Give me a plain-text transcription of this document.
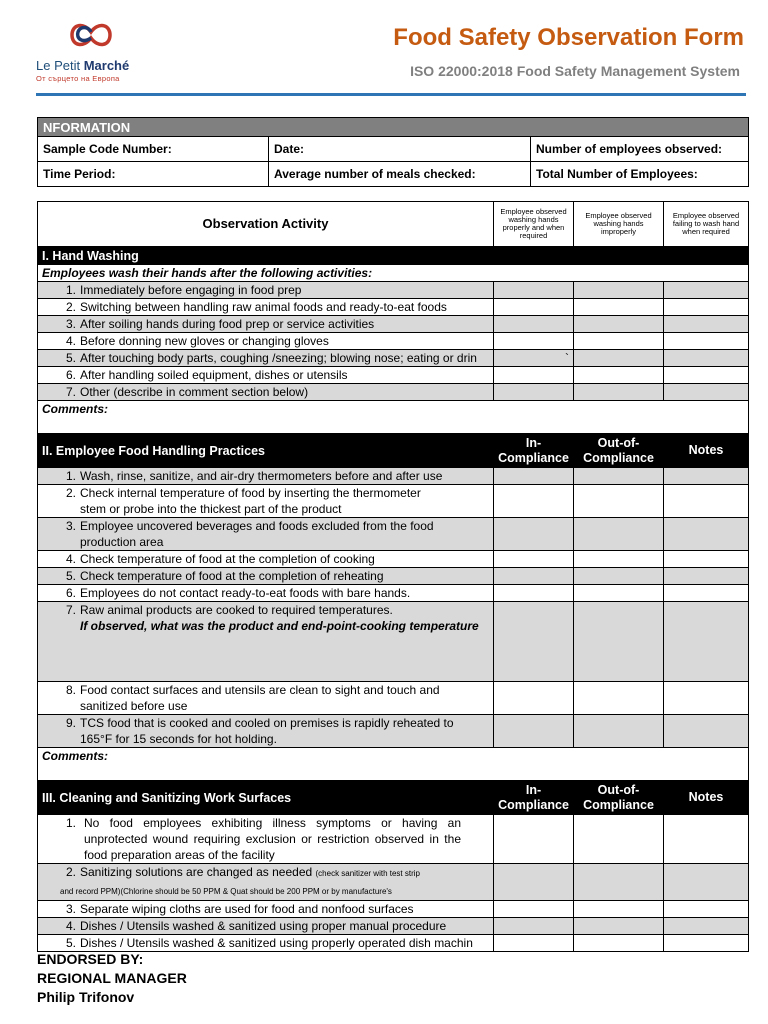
Le Petit Marché
От сърцето на Европа
Food Safety Observation Form
ISO 22000:2018 Food Safety Management System
NFORMATION		
Sample Code Number:	Date:	Number of employees observed:
Time Period:	Average number of meals checked:	Total Number of Employees:
Observation Activity	Employee observed washing hands properly and when required	Employee observed washing hands improperly	Employee observed failing to wash hand when required
I. Hand Washing			
Employees wash their hands after the following activities:			
1. Immediately before engaging in food prep			
2. Switching between handling raw animal foods and ready-to-eat foods			
3. After soiling hands during food prep or service activities			
4. Before donning new gloves or changing gloves			
5. After touching body parts, coughing /sneezing; blowing nose; eating or drin	`		
6. After handling soiled equipment, dishes or utensils			
7. Other (describe in comment section below)			
Comments:			
II. Employee Food Handling Practices	In-Compliance	Out-of-Compliance	Notes
1. Wash, rinse, sanitize, and air-dry thermometers before and after use			
2. Check internal temperature of food by inserting the thermometer
stem or probe into the thickest part of the product			
3. Employee uncovered beverages and foods excluded from the food
production area			
4. Check temperature of food at the completion of cooking			
5. Check temperature of food at the completion of reheating			
6. Employees do not contact ready-to-eat foods with bare hands.			
7. Raw animal products are cooked to required temperatures.
If observed, what was the product and end-point-cooking temperature			

8. Food contact surfaces and utensils are clean to sight and touch and
sanitized before use			
9. TCS food that is cooked and cooled on premises is rapidly reheated to
165°F for 15 seconds for hot holding.			
Comments:			
III. Cleaning and Sanitizing Work Surfaces	In-Compliance	Out-of-Compliance	Notes

1. No food employees exhibiting illness symptoms or having an unprotected wound requiring exclusion or restriction observed in the food preparation areas of the facility			

2. Sanitizing solutions are changed as needed (check sanitizer with test strip
and record PPM)(Chlorine should be 50 PPM & Quat should be 200 PPM or by manufacture's			
3. Separate wiping cloths are used for food and nonfood surfaces			
4. Dishes / Utensils washed & sanitized using proper manual procedure			
5. Dishes / Utensils washed & sanitized using properly operated dish machin			
ENDORSED BY:
REGIONAL MANAGER
Philip Trifonov
